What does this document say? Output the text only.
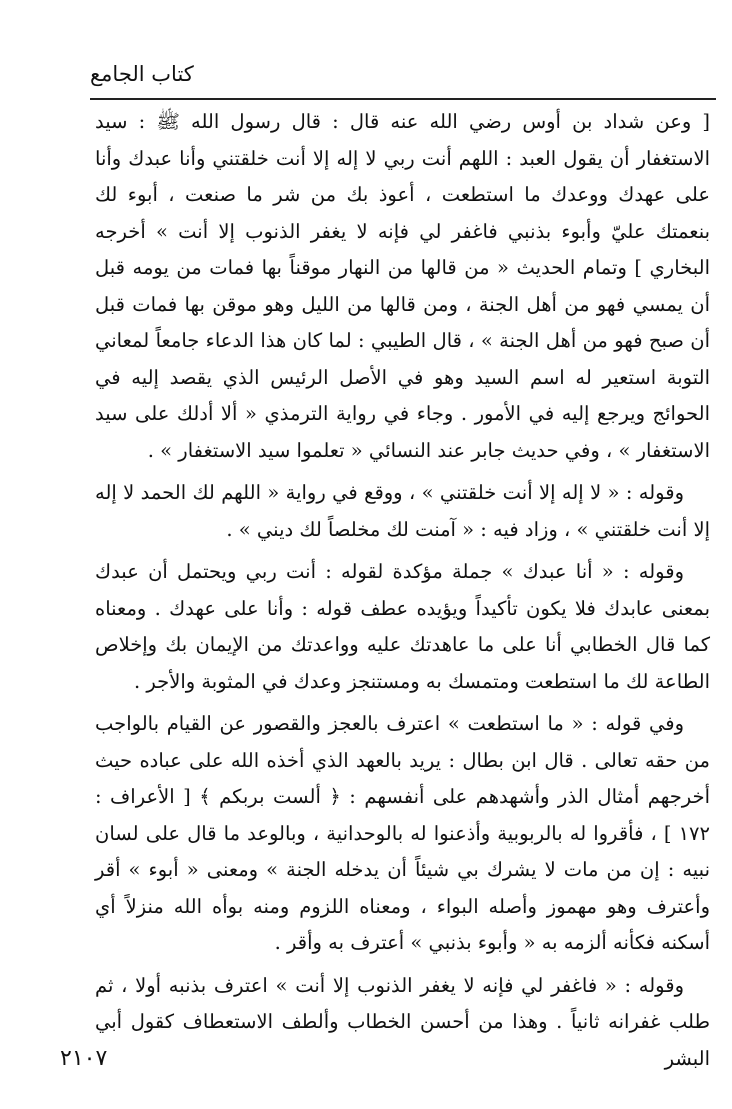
كتاب الجامع

[ وعن شداد بن أوس رضي الله عنه قال : قال رسول الله ﷺ : سيد الاستغفار أن يقول العبد : اللهم أنت ربي لا إله إلا أنت خلقتني وأنا عبدك وأنا على عهدك ووعدك ما استطعت ، أعوذ بك من شر ما صنعت ، أبوء لك بنعمتك عليّ وأبوء بذنبي فاغفر لي فإنه لا يغفر الذنوب إلا أنت » أخرجه البخاري ] وتمام الحديث « من قالها من النهار موقناً بها فمات من يومه قبل أن يمسي فهو من أهل الجنة ، ومن قالها من الليل وهو موقن بها فمات قبل أن صبح فهو من أهل الجنة » ، قال الطيبي : لما كان هذا الدعاء جامعاً لمعاني التوبة استعير له اسم السيد وهو في الأصل الرئيس الذي يقصد إليه في الحوائج ويرجع إليه في الأمور . وجاء في رواية الترمذي « ألا أدلك على سيد الاستغفار » ، وفي حديث جابر عند النسائي « تعلموا سيد الاستغفار » .

وقوله : « لا إله إلا أنت خلقتني » ، ووقع في رواية « اللهم لك الحمد لا إله إلا أنت خلقتني » ، وزاد فيه : « آمنت لك مخلصاً لك ديني » .

وقوله : « أنا عبدك » جملة مؤكدة لقوله : أنت ربي ويحتمل أن عبدك بمعنى عابدك فلا يكون تأكيداً ويؤيده عطف قوله : وأنا على عهدك . ومعناه كما قال الخطابي أنا على ما عاهدتك عليه وواعدتك من الإيمان بك وإخلاص الطاعة لك ما استطعت ومتمسك به ومستنجز وعدك في المثوبة والأجر .

وفي قوله : « ما استطعت » اعترف بالعجز والقصور عن القيام بالواجب من حقه تعالى . قال ابن بطال : يريد بالعهد الذي أخذه الله على عباده حيث أخرجهم أمثال الذر وأشهدهم على أنفسهم : ﴿ ألست بربكم ﴾ [ الأعراف : ١٧٢ ] ، فأقروا له بالربوبية وأذعنوا له بالوحدانية ، وبالوعد ما قال على لسان نبيه : إن من مات لا يشرك بي شيئاً أن يدخله الجنة » ومعنى « أبوء » أقر وأعترف وهو مهموز وأصله البواء ، ومعناه اللزوم ومنه بوأه الله منزلاً أي أسكنه فكأنه ألزمه به « وأبوء بذنبي » أعترف به وأقر .

وقوله : « فاغفر لي فإنه لا يغفر الذنوب إلا أنت » اعترف بذنبه أولا ، ثم طلب غفرانه ثانياً . وهذا من أحسن الخطاب وألطف الاستعطاف كقول أبي البشر

٢١٠٧
